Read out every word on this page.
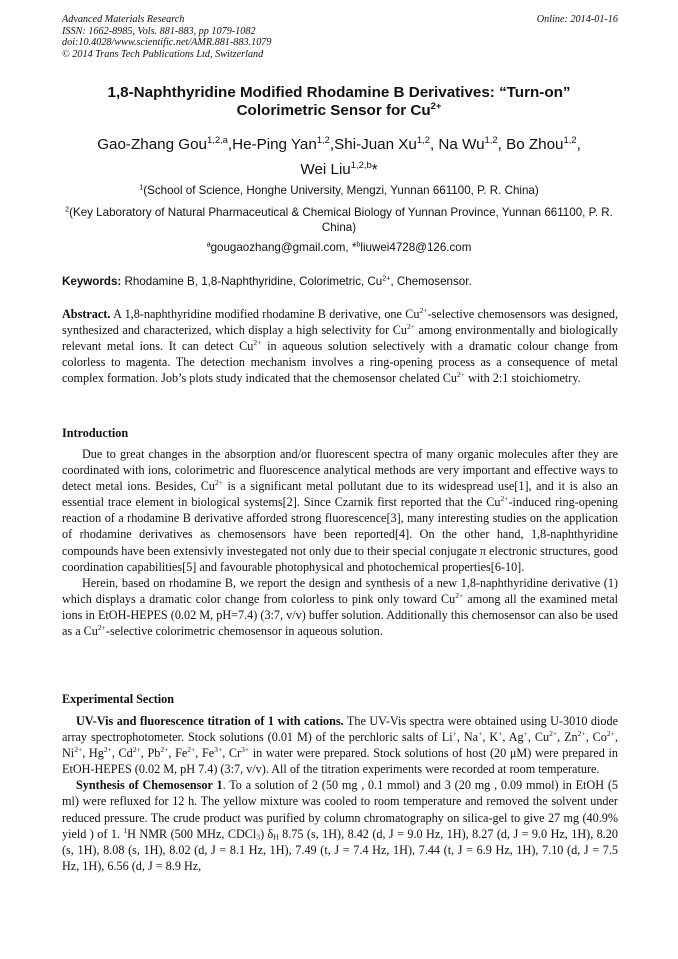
Advanced Materials Research
ISSN: 1662-8985, Vols. 881-883, pp 1079-1082
doi:10.4028/www.scientific.net/AMR.881-883.1079
© 2014 Trans Tech Publications Ltd, Switzerland
Online: 2014-01-16
1,8-Naphthyridine Modified Rhodamine B Derivatives: “Turn-on”
Colorimetric Sensor for $Cu^{2+}$
Gao-Zhang Gou$^{1,2,a}$,He-Ping Yan$^{1,2}$,Shi-Juan Xu$^{1,2}$, Na Wu$^{1,2}$, Bo Zhou$^{1,2}$,
Wei Liu$^{1,2,b}$*
$^1$(School of Science, Honghe University, Mengzi, Yunnan 661100, P. R. China)
$^2$(Key Laboratory of Natural Pharmaceutical & Chemical Biology of Yunnan Province, Yunnan 661100, P. R. China)
$^a$gougaozhang@gmail.com, *$^b$liuwei4728@126.com
Keywords: Rhodamine B, 1,8-Naphthyridine, Colorimetric, $Cu^{2+}$, Chemosensor.

Abstract. A 1,8-naphthyridine modified rhodamine B derivative, one $Cu^{2+}$-selective chemosensors was designed, synthesized and characterized, which display a high selectivity for $Cu^{2+}$ among environmentally and biologically relevant metal ions. It can detect $Cu^{2+}$ in aqueous solution selectively with a dramatic colour change from colorless to magenta. The detection mechanism involves a ring-opening process as a consequence of metal complex formation. Job’s plots study indicated that the chemosensor chelated $Cu^{2+}$ with 2:1 stoichiometry.

Introduction

Due to great changes in the absorption and/or fluorescent spectra of many organic molecules after they are coordinated with ions, colorimetric and fluorescence analytical methods are very important and effective ways to detect metal ions. Besides, $Cu^{2+}$ is a significant metal pollutant due to its widespread use[1], and it is also an essential trace element in biological systems[2]. Since Czarnik first reported that the $Cu^{2+}$-induced ring-opening reaction of a rhodamine B derivative afforded strong fluorescence[3], many interesting studies on the application of rhodamine derivatives as chemosensors have been reported[4]. On the other hand, 1,8-naphthyridine compounds have been extensivly investegated not only due to their special conjugate π electronic structures, good coordination capabilities[5] and favourable photophysical and photochemical properties[6-10].

Herein, based on rhodamine B, we report the design and synthesis of a new 1,8-naphthyridine derivative (1) which displays a dramatic color change from colorless to pink only toward $Cu^{2+}$ among all the examined metal ions in EtOH-HEPES (0.02 M, pH=7.4) (3:7, v/v) buffer solution. Additionally this chemosensor can also be used as a $Cu^{2+}$-selective colorimetric chemosensor in aqueous solution.

Experimental Section

UV-Vis and fluorescence titration of 1 with cations. The UV-Vis spectra were obtained using U-3010 diode array spectrophotometer. Stock solutions (0.01 M) of the perchloric salts of Li+, Na+, K+, Ag+, $Cu^{2+}$, $Zn^{2+}$, $Co^{2+}$, $Ni^{2+}$, $Hg^{2+}$, $Cd^{2+}$, $Pb^{2+}$, $Fe^{2+}$, $Fe^{3+}$, $Cr^{3+}$ in water were prepared. Stock solutions of host (20 μM) were prepared in EtOH-HEPES (0.02 M, pH 7.4) (3:7, v/v). All of the titration experiments were recorded at room temperature.

Synthesis of Chemosensor 1. To a solution of 2 (50 mg , 0.1 mmol) and 3 (20 mg , 0.09 mmol) in EtOH (5 ml) were refluxed for 12 h. The yellow mixture was cooled to room temperature and removed the solvent under reduced pressure. The crude product was purified by column chromatography on silica-gel to give 27 mg (40.9% yield ) of 1. $^1$H NMR (500 MHz, CDCl$_3$) $\delta_H$ 8.75 (s, 1H), 8.42 (d, J = 9.0 Hz, 1H), 8.27 (d, J = 9.0 Hz, 1H), 8.20 (s, 1H), 8.08 (s, 1H), 8.02 (d, J = 8.1 Hz, 1H), 7.49 (t, J = 7.4 Hz, 1H), 7.44 (t, J = 6.9 Hz, 1H), 7.10 (d, J = 7.5 Hz, 1H), 6.56 (d, J = 8.9 Hz,
